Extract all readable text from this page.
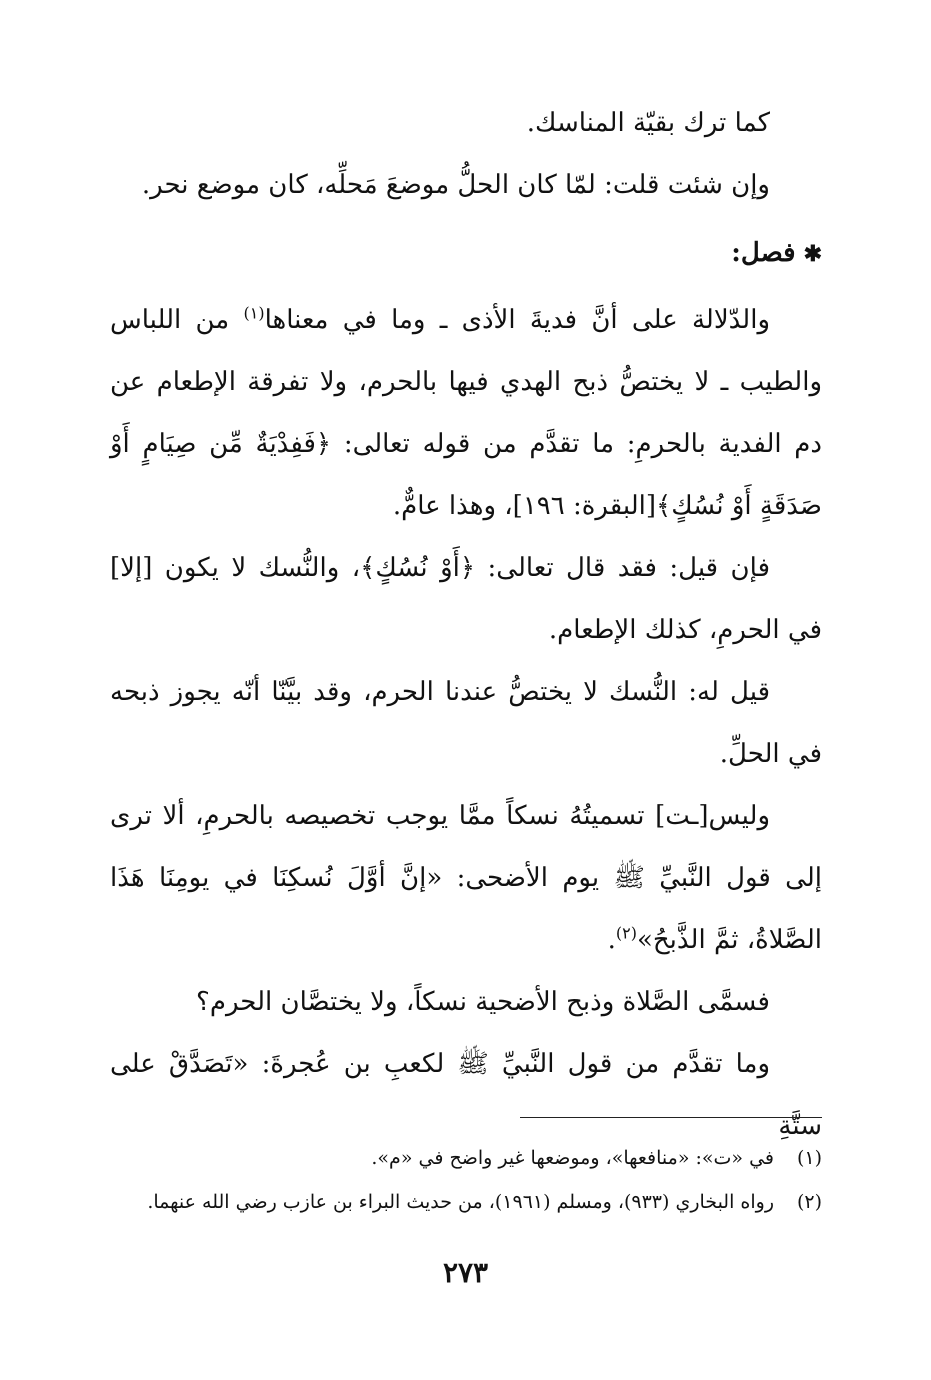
كما ترك بقيّة المناسك.

وإن شئت قلت: لمّا كان الحلُّ موضعَ مَحلِّه، كان موضع نحر.

✱فصل:

والدّلالة على أنَّ فديةَ الأذى ـ وما في معناها$^{(١)}$ من اللباس والطيب ـ لا يختصُّ ذبح الهدي فيها بالحرم، ولا تفرقة الإطعام عن دم الفدية بالحرمِ: ما تقدَّم من قوله تعالى: ﴿فَفِدْيَةٌ مِّن صِيَامٍ أَوْ صَدَقَةٍ أَوْ نُسُكٍ﴾[البقرة: ١٩٦]، وهذا عامٌّ.

فإن قيل: فقد قال تعالى: ﴿أَوْ نُسُكٍ﴾، والنُّسك لا يكون [إلا] في الحرمِ، كذلك الإطعام.

قيل له: النُّسك لا يختصُّ عندنا الحرم، وقد بيَّنّا أنّه يجوز ذبحه في الحلِّ.

وليس[ـت] تسميتُهُ نسكاً ممَّا يوجب تخصيصه بالحرمِ، ألا ترى إلى قول النَّبيِّ ﷺ يوم الأضحى: «إنَّ أوَّلَ نُسكِنَا في يومِنَا هَذَا الصَّلاةُ، ثمَّ الذَّبحُ»$^{(٢)}$.

فسمَّى الصَّلاة وذبح الأضحية نسكاً، ولا يختصَّان الحرم؟

وما تقدَّم من قول النَّبيِّ ﷺ لكعبِ بن عُجرةَ: «تَصَدَّقْ على ستَّةِ

(١)
في «ت»: «منافعها»، وموضعها غير واضح في «م».
(٢)
رواه البخاري (٩٣٣)، ومسلم (١٩٦١)، من حديث البراء بن عازب رضي الله عنهما.
٢٧٣
